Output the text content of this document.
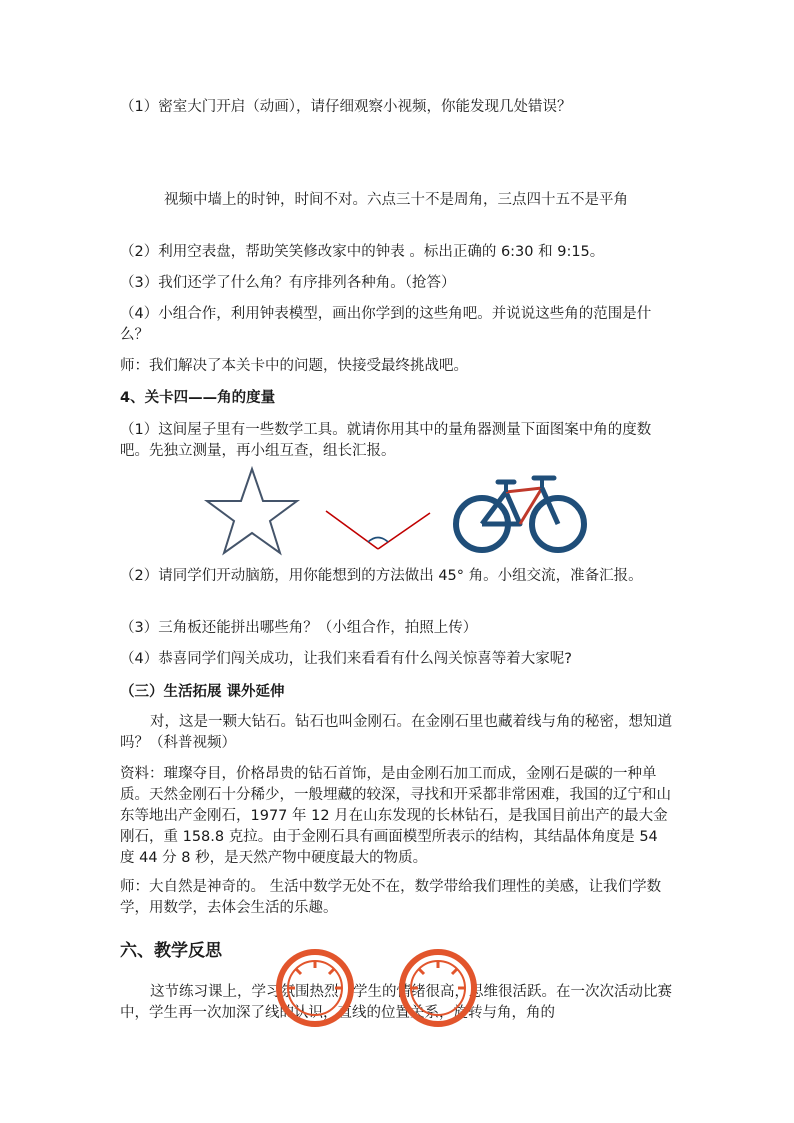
（1）密室大门开启（动画），请仔细观察小视频，你能发现几处错误？

视频中墙上的时钟，时间不对。六点三十不是周角，三点四十五不是平角

（2）利用空表盘，帮助笑笑修改家中的钟表 。标出正确的 6:30 和 9:15。

（3）我们还学了什么角？有序排列各种角。（抢答）

（4）小组合作，利用钟表模型，画出你学到的这些角吧。并说说这些角的范围是什么？

师：我们解决了本关卡中的问题，快接受最终挑战吧。

4、关卡四——角的度量

（1）这间屋子里有一些数学工具。就请你用其中的量角器测量下面图案中角的度数吧。先独立测量，再小组互查，组长汇报。

（2）请同学们开动脑筋，用你能想到的方法做出 45° 角。小组交流，准备汇报。

（3）三角板还能拼出哪些角？（小组合作，拍照上传）

（4）恭喜同学们闯关成功，让我们来看看有什么闯关惊喜等着大家呢?

（三）生活拓展 课外延伸

对，这是一颗大钻石。钻石也叫金刚石。在金刚石里也藏着线与角的秘密，想知道吗？（科普视频）

资料：璀璨夺目，价格昂贵的钻石首饰，是由金刚石加工而成，金刚石是碳的一种单质。天然金刚石十分稀少，一般埋藏的较深，寻找和开采都非常困难，我国的辽宁和山东等地出产金刚石，1977 年 12 月在山东发现的长林钻石，是我国目前出产的最大金刚石，重 158.8 克拉。由于金刚石具有画面模型所表示的结构，其结晶体角度是 54 度 44 分 8 秒，是天然产物中硬度最大的物质。

师：大自然是神奇的。 生活中数学无处不在，数学带给我们理性的美感，让我们学数学，用数学，去体会生活的乐趣。

六、教学反思

这节练习课上，学习氛围热烈，学生的情绪很高，思维很活跃。在一次次活动比赛中，学生再一次加深了线的认识，直线的位置关系，旋转与角，角的
